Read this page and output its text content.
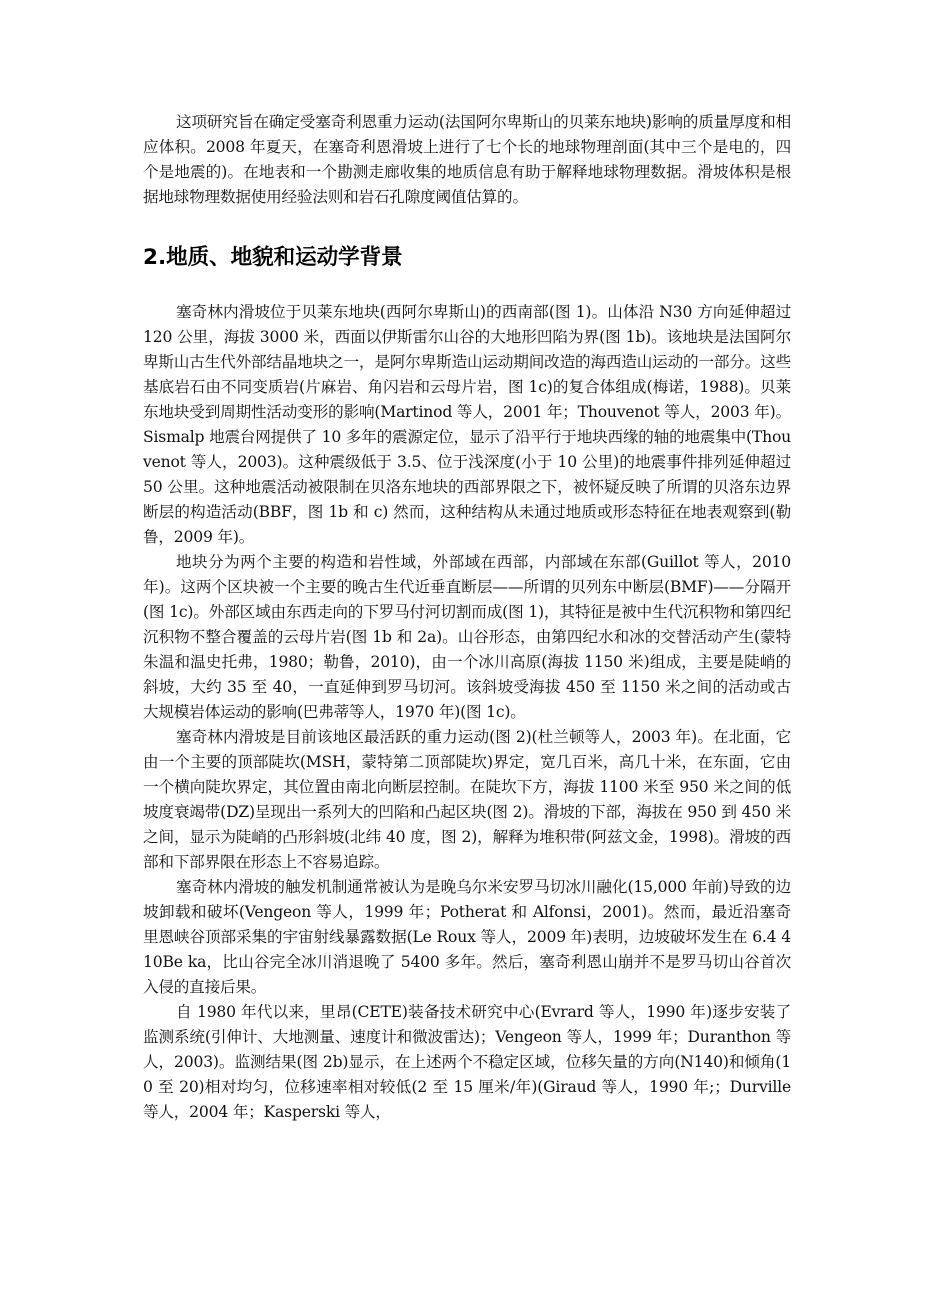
这项研究旨在确定受塞奇利恩重力运动(法国阿尔卑斯山的贝莱东地块)影响的质量厚度和相应体积。2008 年夏天，在塞奇利恩滑坡上进行了七个长的地球物理剖面(其中三个是电的，四个是地震的)。在地表和一个勘测走廊收集的地质信息有助于解释地球物理数据。滑坡体积是根据地球物理数据使用经验法则和岩石孔隙度阈值估算的。

2.地质、地貌和运动学背景

塞奇林内滑坡位于贝莱东地块(西阿尔卑斯山)的西南部(图 1)。山体沿 N30 方向延伸超过 120 公里，海拔 3000 米，西面以伊斯雷尔山谷的大地形凹陷为界(图 1b)。该地块是法国阿尔卑斯山古生代外部结晶地块之一，是阿尔卑斯造山运动期间改造的海西造山运动的一部分。这些基底岩石由不同变质岩(片麻岩、角闪岩和云母片岩，图 1c)的复合体组成(梅诺，1988)。贝莱东地块受到周期性活动变形的影响(Martinod 等人，2001 年；Thouvenot 等人，2003 年)。Sismalp 地震台网提供了 10 多年的震源定位，显示了沿平行于地块西缘的轴的地震集中(Thouvenot 等人，2003)。这种震级低于 3.5、位于浅深度(小于 10 公里)的地震事件排列延伸超过 50 公里。这种地震活动被限制在贝洛东地块的西部界限之下，被怀疑反映了所谓的贝洛东边界断层的构造活动(BBF，图 1b 和 c) 然而，这种结构从未通过地质或形态特征在地表观察到(勒鲁，2009 年)。

地块分为两个主要的构造和岩性域，外部域在西部，内部域在东部(Guillot 等人，2010 年)。这两个区块被一个主要的晚古生代近垂直断层——所谓的贝列东中断层(BMF)——分隔开(图 1c)。外部区域由东西走向的下罗马付河切割而成(图 1)，其特征是被中生代沉积物和第四纪沉积物不整合覆盖的云母片岩(图 1b 和 2a)。山谷形态，由第四纪水和冰的交替活动产生(蒙特朱温和温史托弗，1980；勒鲁，2010)，由一个冰川高原(海拔 1150 米)组成，主要是陡峭的斜坡，大约 35 至 40，一直延伸到罗马切河。该斜坡受海拔 450 至 1150 米之间的活动或古大规模岩体运动的影响(巴弗蒂等人，1970 年)(图 1c)。

塞奇林内滑坡是目前该地区最活跃的重力运动(图 2)(杜兰顿等人，2003 年)。在北面，它由一个主要的顶部陡坎(MSH，蒙特第二顶部陡坎)界定，宽几百米，高几十米，在东面，它由一个横向陡坎界定，其位置由南北向断层控制。在陡坎下方，海拔 1100 米至 950 米之间的低坡度衰竭带(DZ)呈现出一系列大的凹陷和凸起区块(图 2)。滑坡的下部，海拔在 950 到 450 米之间，显示为陡峭的凸形斜坡(北纬 40 度，图 2)，解释为堆积带(阿兹文金，1998)。滑坡的西部和下部界限在形态上不容易追踪。

塞奇林内滑坡的触发机制通常被认为是晚乌尔米安罗马切冰川融化(15,000 年前)导致的边坡卸载和破坏(Vengeon 等人，1999 年；Potherat 和 Alfonsi，2001)。然而，最近沿塞奇里恩峡谷顶部采集的宇宙射线暴露数据(Le Roux 等人，2009 年)表明，边坡破坏发生在 6.4 410Be ka，比山谷完全冰川消退晚了 5400 多年。然后，塞奇利恩山崩并不是罗马切山谷首次入侵的直接后果。

自 1980 年代以来，里昂(CETE)装备技术研究中心(Evrard 等人，1990 年)逐步安装了监测系统(引伸计、大地测量、速度计和微波雷达)；Vengeon 等人，1999 年；Duranthon 等人，2003)。监测结果(图 2b)显示，在上述两个不稳定区域，位移矢量的方向(N140)和倾角(10 至 20)相对均匀，位移速率相对较低(2 至 15 厘米/年)(Giraud 等人，1990 年;；Durville 等人，2004 年；Kasperski 等人，
